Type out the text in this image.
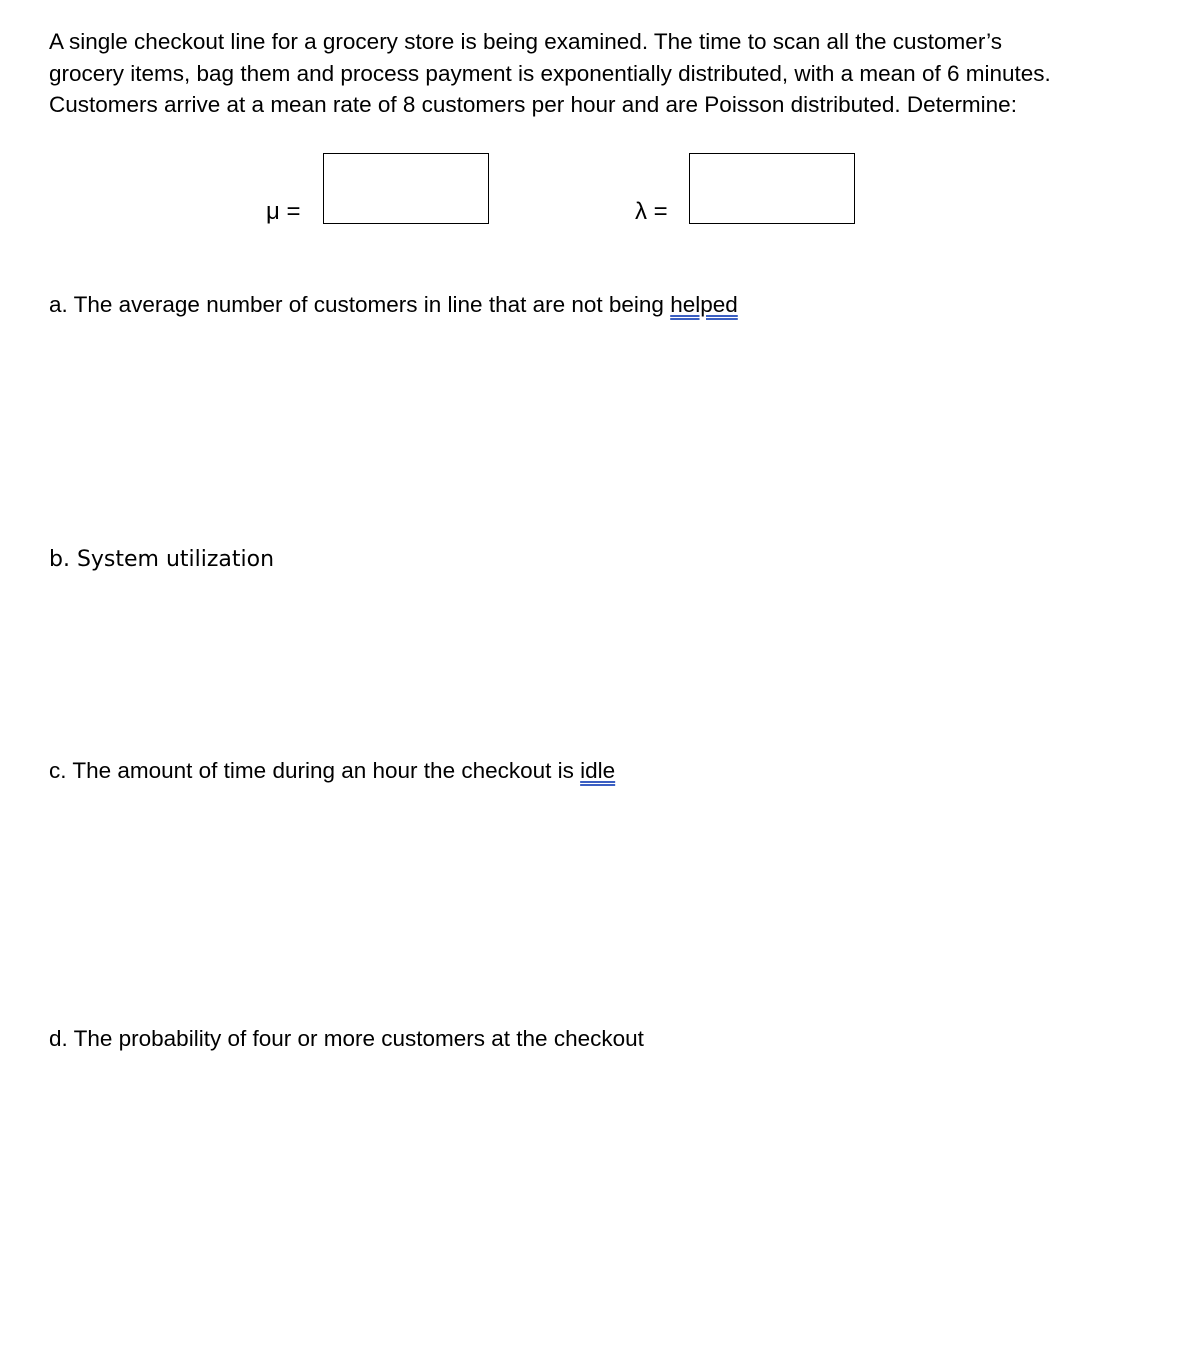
A single checkout line for a grocery store is being examined. The time to scan all the customer’s
grocery items, bag them and process payment is exponentially distributed, with a mean of 6 minutes.
Customers arrive at a mean rate of 8 customers per hour and are Poisson distributed. Determine:
μ =	λ =
a. The average number of customers in line that are not being helped
b. System utilization
c. The amount of time during an hour the checkout is idle
d. The probability of four or more customers at the checkout
